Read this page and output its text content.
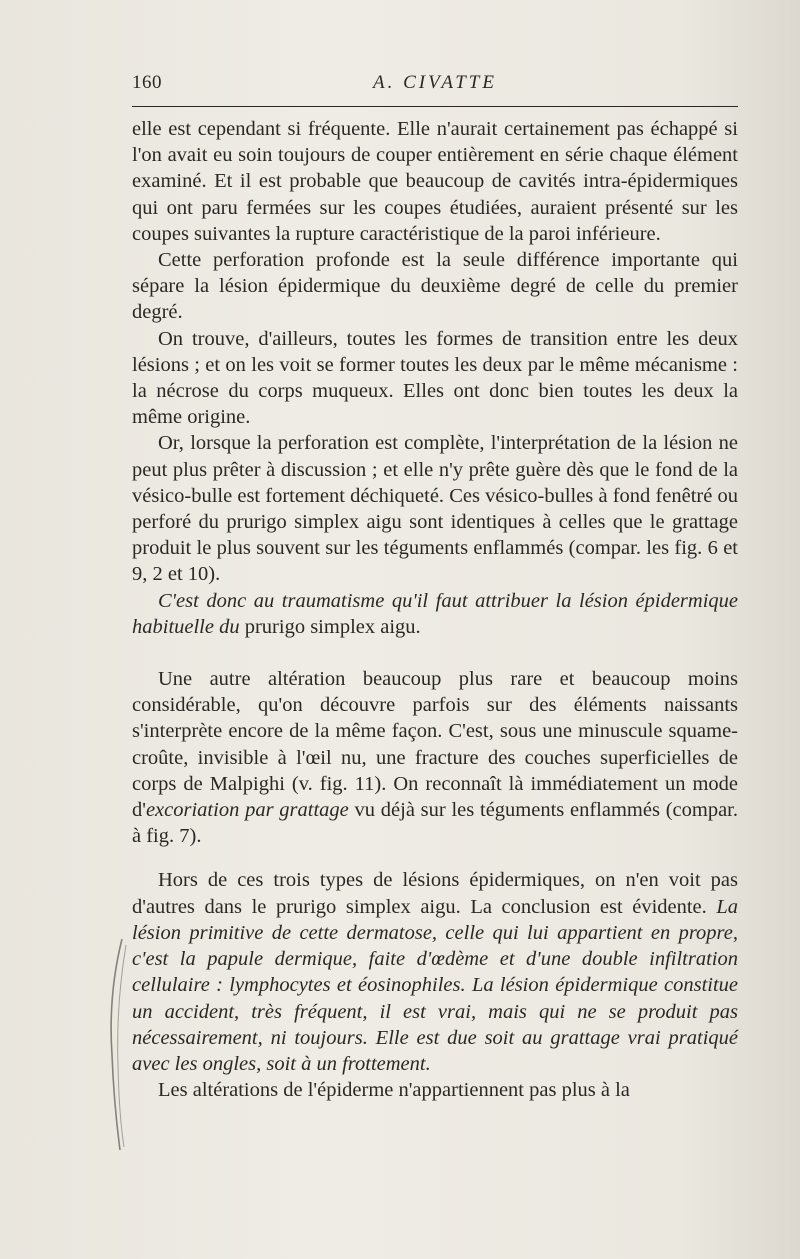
160	A. CIVATTE

elle est cependant si fréquente. Elle n'aurait certainement pas échappé si l'on avait eu soin toujours de couper entièrement en série chaque élément examiné. Et il est probable que beaucoup de cavités intra-épidermiques qui ont paru fermées sur les coupes étudiées, auraient présenté sur les coupes suivantes la rupture caractéristique de la paroi inférieure.

Cette perforation profonde est la seule différence importante qui sépare la lésion épidermique du deuxième degré de celle du premier degré.

On trouve, d'ailleurs, toutes les formes de transition entre les deux lésions ; et on les voit se former toutes les deux par le même mécanisme : la nécrose du corps muqueux. Elles ont donc bien toutes les deux la même origine.

Or, lorsque la perforation est complète, l'interprétation de la lésion ne peut plus prêter à discussion ; et elle n'y prête guère dès que le fond de la vésico-bulle est fortement déchiqueté. Ces vésico-bulles à fond fenêtré ou perforé du prurigo simplex aigu sont identiques à celles que le grattage produit le plus souvent sur les téguments enflammés (compar. les fig. 6 et 9, 2 et 10).

C'est donc au traumatisme qu'il faut attribuer la lésion épidermique habituelle du prurigo simplex aigu.

Une autre altération beaucoup plus rare et beaucoup moins considérable, qu'on découvre parfois sur des éléments naissants s'interprète encore de la même façon. C'est, sous une minuscule squame-croûte, invisible à l'œil nu, une fracture des couches superficielles de corps de Malpighi (v. fig. 11). On reconnaît là immédiatement un mode d'excoriation par grattage vu déjà sur les téguments enflammés (compar. à fig. 7).

Hors de ces trois types de lésions épidermiques, on n'en voit pas d'autres dans le prurigo simplex aigu. La conclusion est évidente. La lésion primitive de cette dermatose, celle qui lui appartient en propre, c'est la papule dermique, faite d'œdème et d'une double infiltration cellulaire : lymphocytes et éosinophiles. La lésion épidermique constitue un accident, très fréquent, il est vrai, mais qui ne se produit pas nécessairement, ni toujours. Elle est due soit au grattage vrai pratiqué avec les ongles, soit à un frottement.

Les altérations de l'épiderme n'appartiennent pas plus à la
